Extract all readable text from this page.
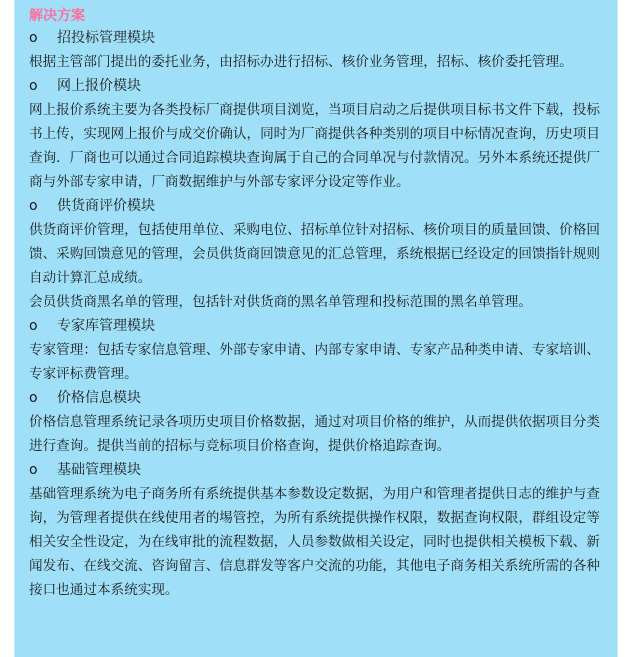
解决方案
o	招投标管理模块

根据主管部门提出的委托业务，由招标办进行招标、核价业务管理，招标、核价委托管理。

o	网上报价模块

网上报价系统主要为各类投标厂商提供项目浏览，当项目启动之后提供项目标书文件下载，投标书上传，实现网上报价与成交价确认，同时为厂商提供各种类别的项目中标情况查询，历史项目查询．厂商也可以通过合同追踪模块查询属于自己的合同单况与付款情况。另外本系统还提供厂商与外部专家申请，厂商数据维护与外部专家评分设定等作业。

o	供货商评价模块

供货商评价管理，包括使用单位、采购电位、招标单位针对招标、核价项目的质量回馈、价格回馈、采购回馈意见的管理，会员供货商回馈意见的汇总管理，系统根据已经设定的回馈指针规则自动计算汇总成绩。

会员供货商黑名单的管理，包括针对供货商的黑名单管理和投标范围的黑名单管理。

o	专家库管理模块

专家管理：包括专家信息管理、外部专家申请、内部专家申请、专家产品种类申请、专家培训、专家评标费管理。

o	价格信息模块

价格信息管理系统记录各项历史项目价格数据，通过对项目价格的维护，从而提供依据项目分类进行查询。提供当前的招标与竞标项目价格查询，提供价格追踪查询。

o	基础管理模块

基础管理系统为电子商务所有系统提供基本参数设定数据，为用户和管理者提供日志的维护与查询，为管理者提供在线使用者的埸管控，为所有系统提供操作权限，数据查询权限，群组设定等相关安全性设定，为在线审批的流程数据，人员参数做相关设定，同时也提供相关模板下载、新闻发布、在线交流、咨询留言、信息群发等客户交流的功能，其他电子商务相关系统所需的各种接口也通过本系统实现。
